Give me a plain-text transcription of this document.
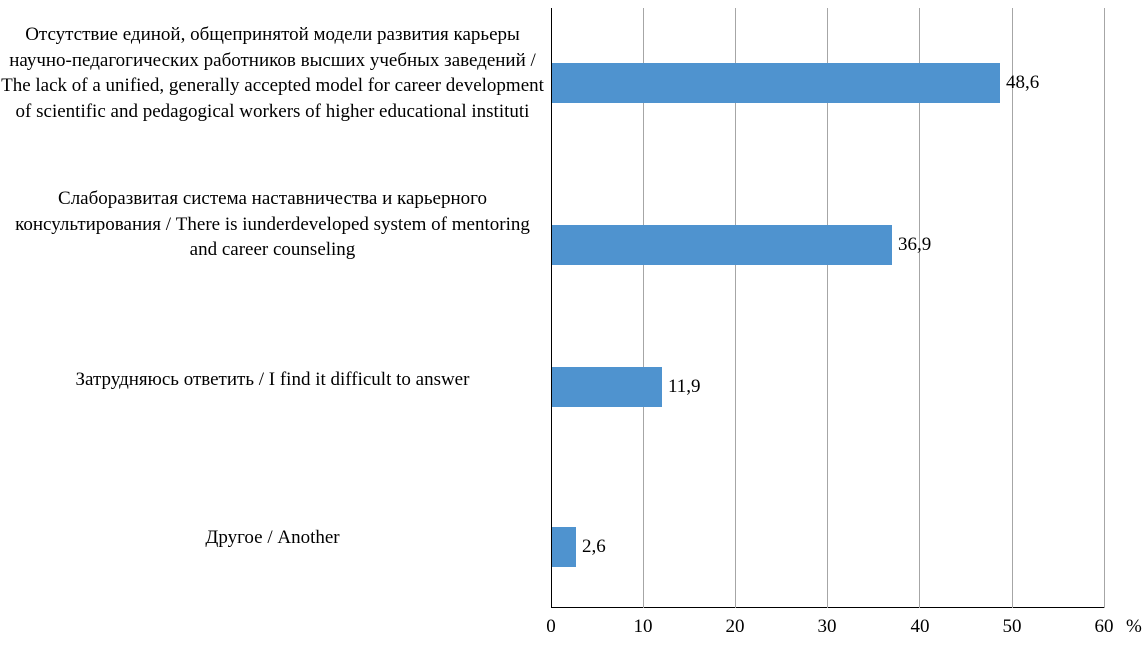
Отсутствие единой, общепринятой модели развития карьеры научно-педагогических работников высших учебных заведений / The lack of a unified, generally accepted model for career development of scientific and pedagogical workers of higher educational instituti
Слаборазвитая система наставничества и карьерного консультирования / There is iunderdeveloped system of mentoring and career counseling
Затрудняюсь ответить / I find it difficult to answer
Другое / Another
48,6
36,9
11,9
2,6
0	10	20	30	40	50	60 %
